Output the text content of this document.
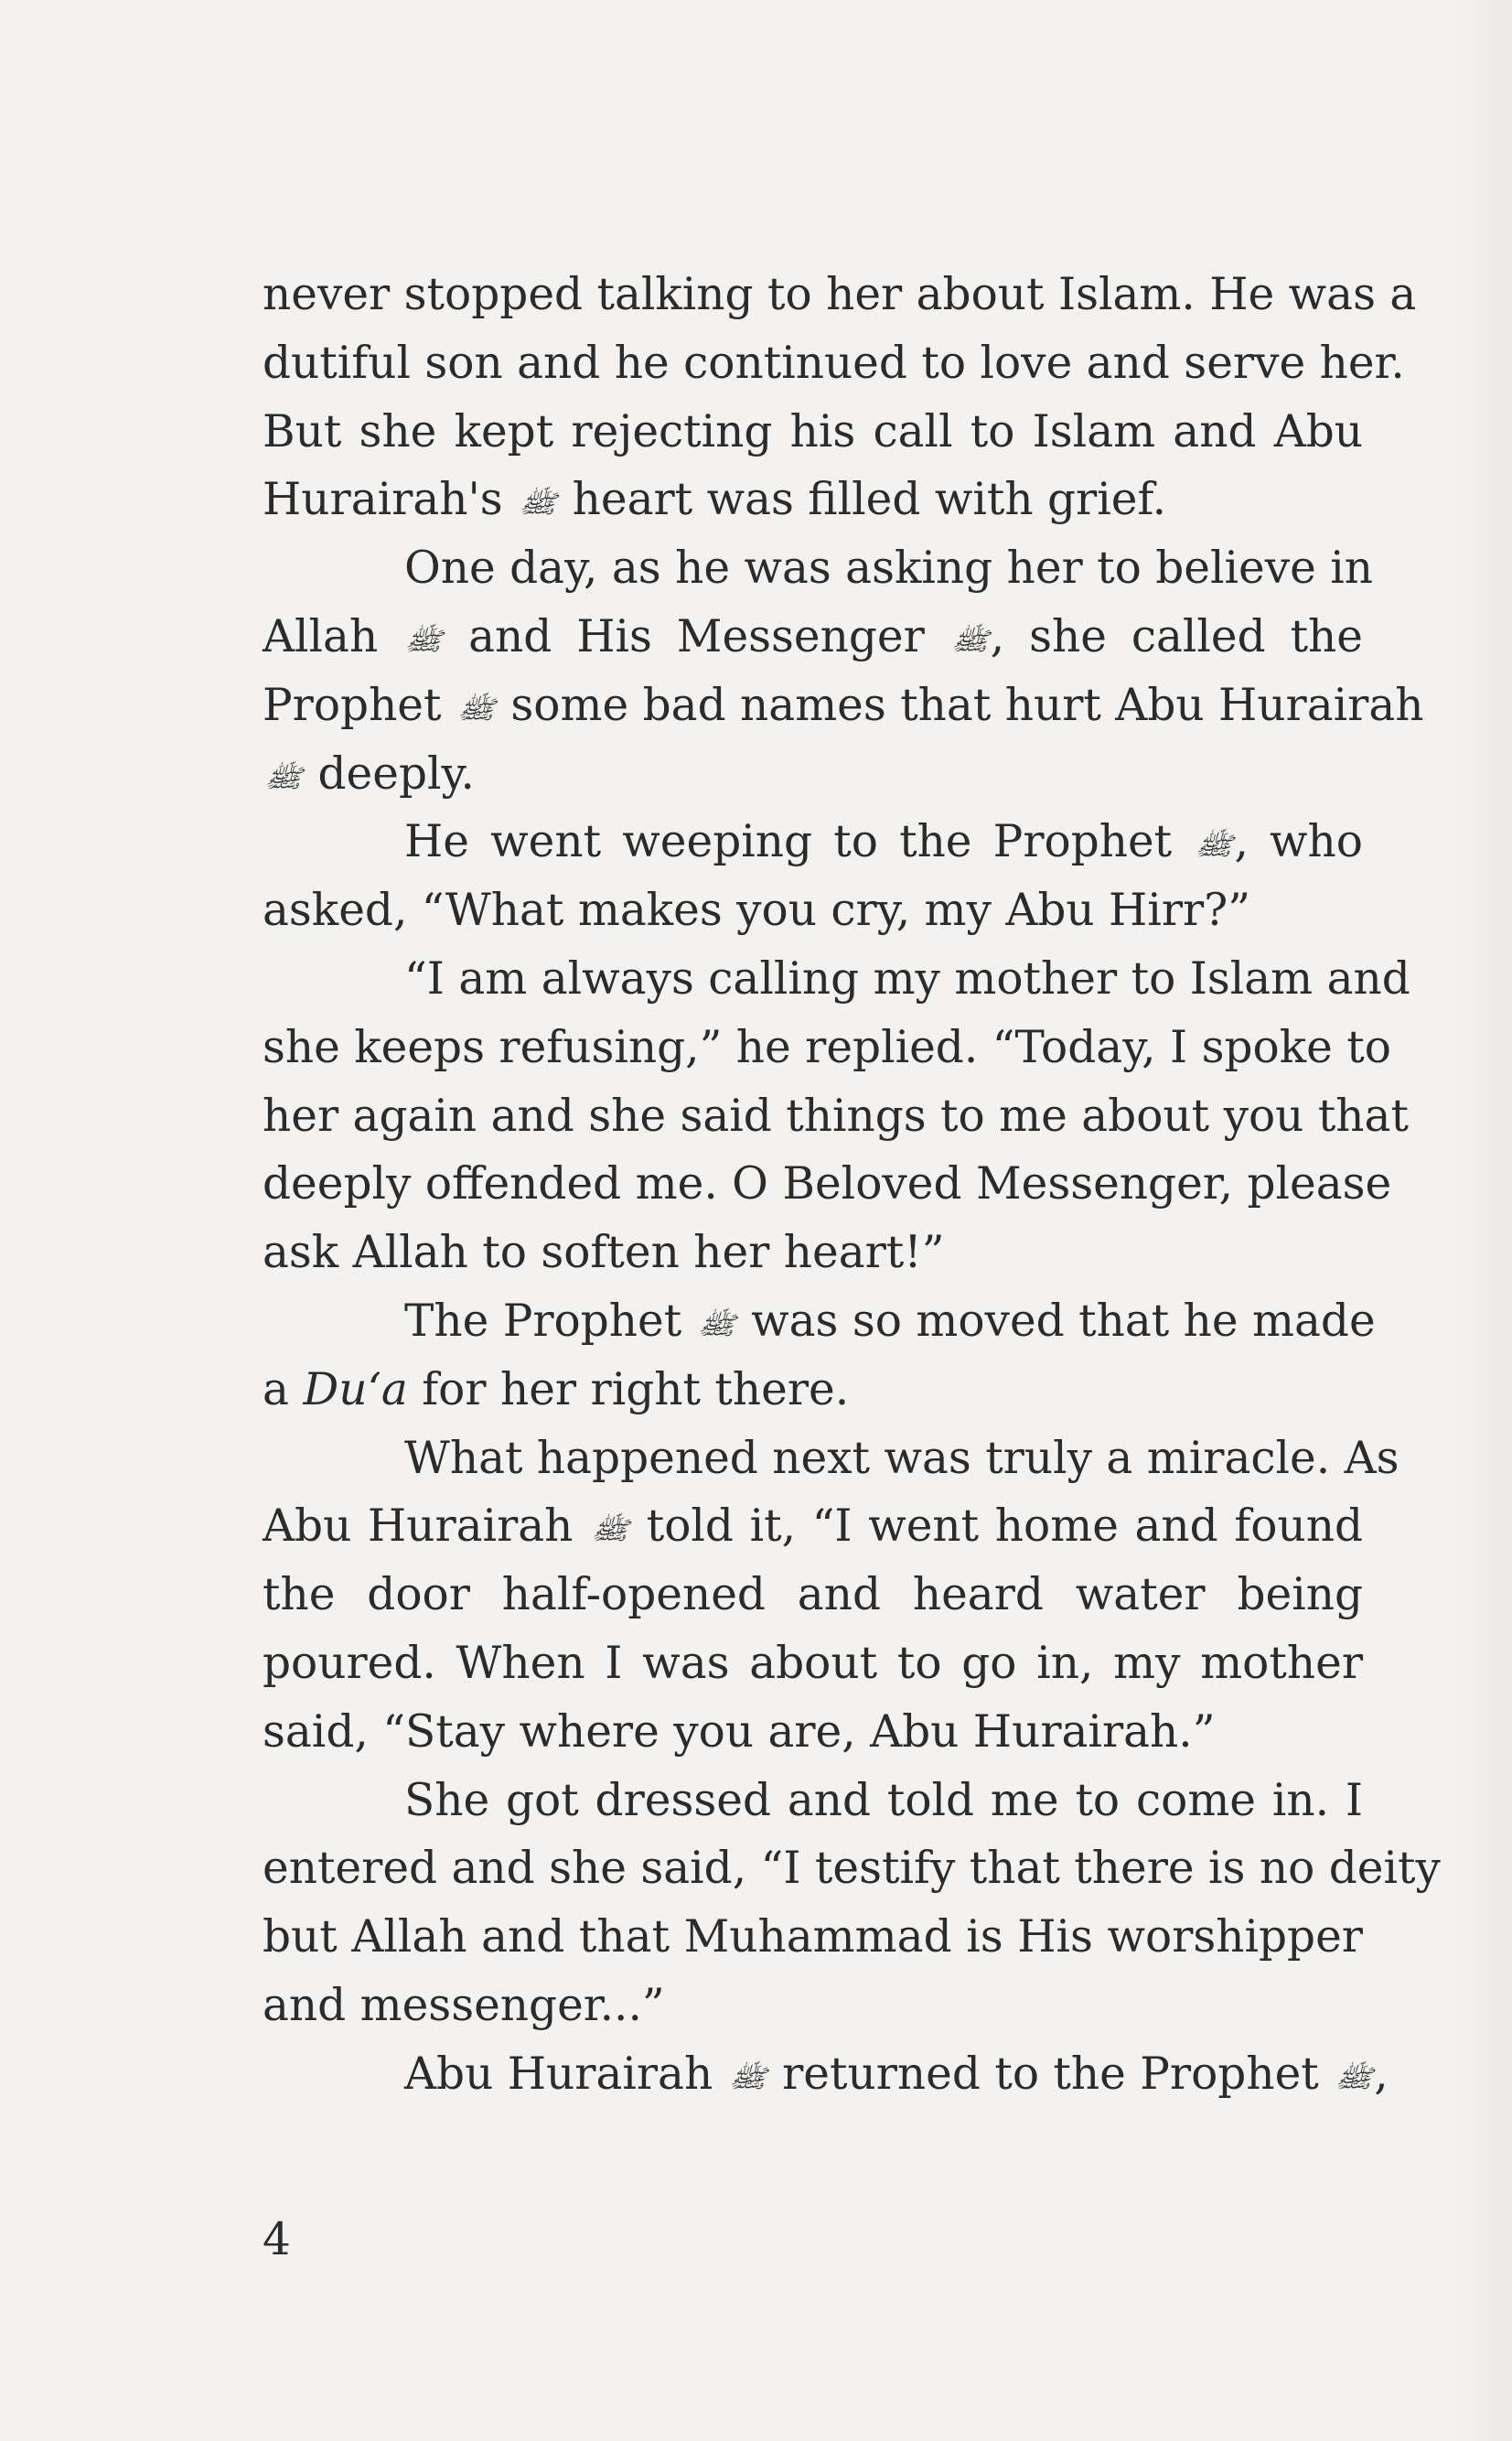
never stopped talking to her about Islam. He was a
dutiful son and he continued to love and serve her.
But she kept rejecting his call to Islam and Abu
Hurairah's ﷺ heart was filled with grief.
One day, as he was asking her to believe in
Allah ﷺ and His Messenger ﷺ, she called the
Prophet ﷺ some bad names that hurt Abu Hurairah
ﷺ deeply.
He went weeping to the Prophet ﷺ, who
asked, “What makes you cry, my Abu Hirr?”
“I am always calling my mother to Islam and
she keeps refusing,” he replied. “Today, I spoke to
her again and she said things to me about you that
deeply offended me. O Beloved Messenger, please
ask Allah to soften her heart!”
The Prophet ﷺ was so moved that he made
a Du‘a for her right there.
What happened next was truly a miracle. As
Abu Hurairah ﷺ told it, “I went home and found
the door half-opened and heard water being
poured. When I was about to go in, my mother
said, “Stay where you are, Abu Hurairah.”
She got dressed and told me to come in. I
entered and she said, “I testify that there is no deity
but Allah and that Muhammad is His worshipper
and messenger...”
Abu Hurairah ﷺ returned to the Prophet ﷺ,
4
